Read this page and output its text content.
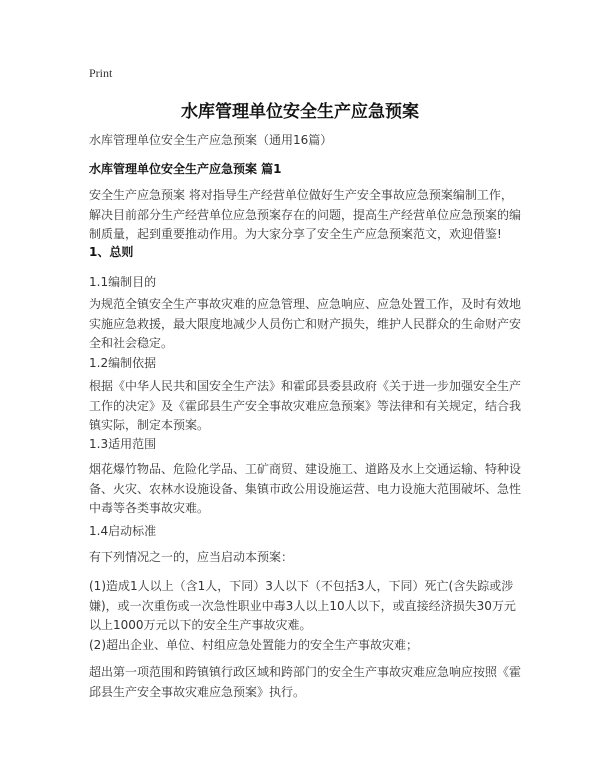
Print
水库管理单位安全生产应急预案
水库管理单位安全生产应急预案（通用16篇）
水库管理单位安全生产应急预案 篇1
安全生产应急预案 将对指导生产经营单位做好生产安全事故应急预案编制工作，
解决目前部分生产经营单位应急预案存在的问题，提高生产经营单位应急预案的编
制质量，起到重要推动作用。为大家分享了安全生产应急预案范文，欢迎借鉴!
1、总则
1.1编制目的
为规范全镇安全生产事故灾难的应急管理、应急响应、应急处置工作，及时有效地
实施应急救援，最大限度地减少人员伤亡和财产损失，维护人民群众的生命财产安
全和社会稳定。
1.2编制依据
根据《中华人民共和国安全生产法》和霍邱县委县政府《关于进一步加强安全生产
工作的决定》及《霍邱县生产安全事故灾难应急预案》等法律和有关规定，结合我
镇实际，制定本预案。
1.3适用范围
烟花爆竹物品、危险化学品、工矿商贸、建设施工、道路及水上交通运输、特种设
备、火灾、农林水设施设备、集镇市政公用设施运营、电力设施大范围破坏、急性
中毒等各类事故灾难。
1.4启动标准
有下列情况之一的，应当启动本预案：
(1)造成1人以上（含1人，下同）3人以下（不包括3人，下同）死亡(含失踪或涉
嫌)，或一次重伤或一次急性职业中毒3人以上10人以下，或直接经济损失30万元
以上1000万元以下的安全生产事故灾难。
(2)超出企业、单位、村组应急处置能力的安全生产事故灾难；
超出第一项范围和跨镇镇行政区域和跨部门的安全生产事故灾难应急响应按照《霍
邱县生产安全事故灾难应急预案》执行。
